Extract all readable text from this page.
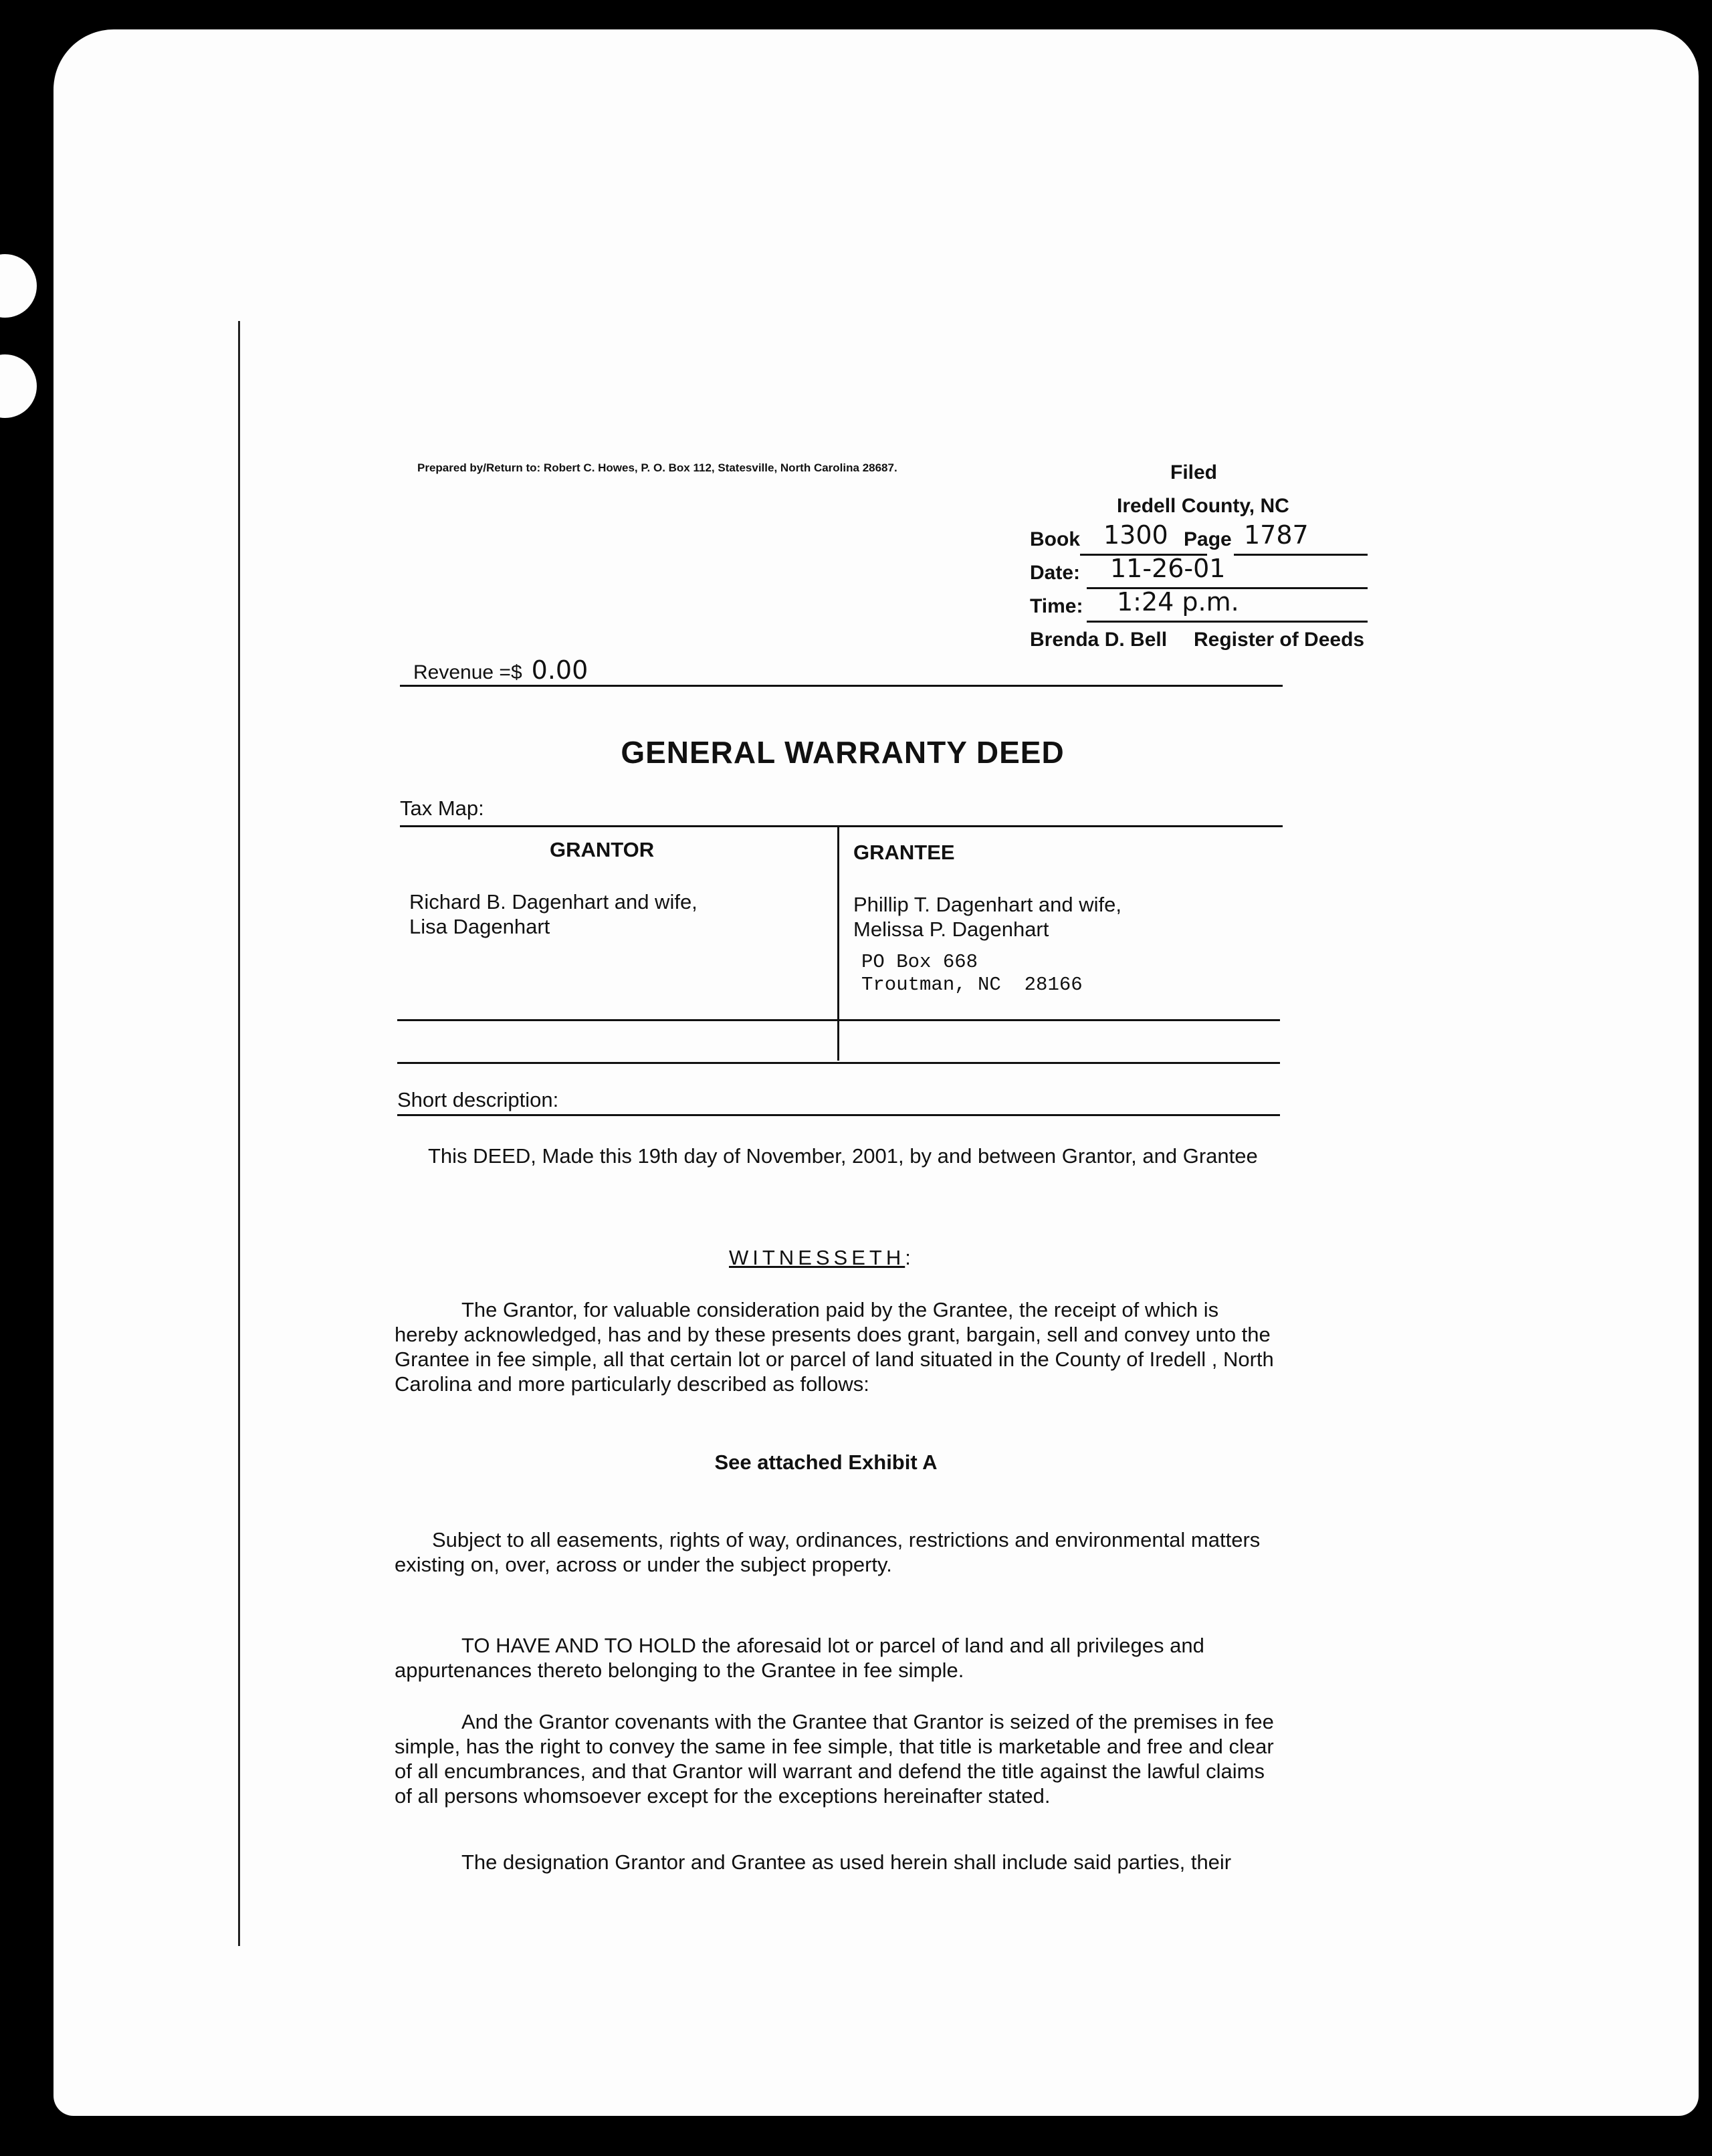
Prepared by/Return to: Robert C. Howes, P. O. Box 112, Statesville, North Carolina 28687.	Filed
Iredell County, NC
Book 1300 Page 1787
Date: 11-26-01
Time: 1:24 p.m.
Brenda D. Bell Register of Deeds
Revenue =$ 0.00
GENERAL WARRANTY DEED
Tax Map:
GRANTOR
Richard B. Dagenhart and wife,
Lisa Dagenhart
GRANTEE
Phillip T. Dagenhart and wife,
Melissa P. Dagenhart
PO Box 668
Troutman, NC  28166
Short description:
This DEED, Made this 19th day of November, 2001, by and between Grantor, and Grantee
WITNESSETH:
The Grantor, for valuable consideration paid by the Grantee, the receipt of which is hereby acknowledged, has and by these presents does grant, bargain, sell and convey unto the Grantee in fee simple, all that certain lot or parcel of land situated in the County of Iredell , North Carolina and more particularly described as follows:
See attached Exhibit A
Subject to all easements, rights of way, ordinances, restrictions and environmental matters existing on, over, across or under the subject property.
TO HAVE AND TO HOLD the aforesaid lot or parcel of land and all privileges and appurtenances thereto belonging to the Grantee in fee simple.
And the Grantor covenants with the Grantee that Grantor is seized of the premises in fee simple, has the right to convey the same in fee simple, that title is marketable and free and clear of all encumbrances, and that Grantor will warrant and defend the title against the lawful claims of all persons whomsoever except for the exceptions hereinafter stated.
The designation Grantor and Grantee as used herein shall include said parties, their
